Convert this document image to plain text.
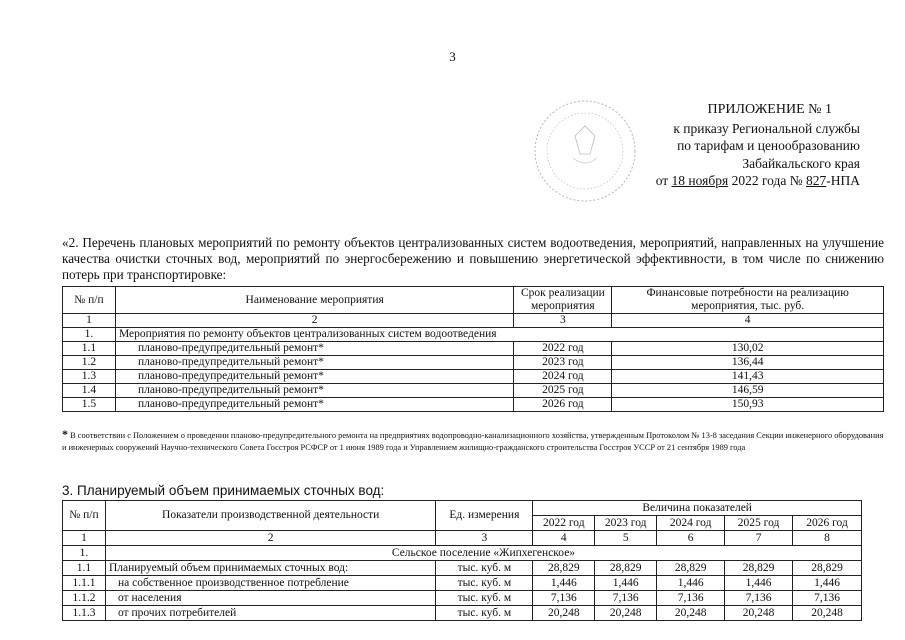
3
ПРИЛОЖЕНИЕ № 1
к приказу Региональной службы
по тарифам и ценообразованию
Забайкальского края
от 18 ноября 2022 года № 827-НПА
«2. Перечень плановых мероприятий по ремонту объектов централизованных систем водоотведения, мероприятий, направленных на улучшение качества очистки сточных вод, мероприятий по энергосбережению и повышению энергетической эффективности, в том числе по снижению потерь при транспортировке:
№ п/п	Наименование мероприятия	Срок реализации мероприятия	Финансовые потребности на реализацию мероприятия, тыс. руб.
1	2	3	4
1.	Мероприятия по ремонту объектов централизованных систем водоотведения		
1.1	планово-предупредительный ремонт*	2022 год	130,02
1.2	планово-предупредительный ремонт*	2023 год	136,44
1.3	планово-предупредительный ремонт*	2024 год	141,43
1.4	планово-предупредительный ремонт*	2025 год	146,59
1.5	планово-предупредительный ремонт*	2026 год	150,93
* В соответствии с Положением о проведении планово-предупредительного ремонта на предприятиях водопроводно-канализационного хозяйства, утвержденным Протоколом № 13-8 заседания Секции инженерного оборудования и инженерных сооружений Научно-технического Совета Госстроя РСФСР от 1 июня 1989 года и Управлением жилищно-гражданского строительства Госстроя УССР от 21 сентября 1989 года
3. Планируемый объем принимаемых сточных вод:
№ п/п	Показатели производственной деятельности	Ед. измерения	Величина показателей				
			2022 год	2023 год	2024 год	2025 год	2026 год
1	2	3	4	5	6	7	8
1.	Сельское поселение «Жипхегенское»						
1.1	Планируемый объем принимаемых сточных вод:	тыс. куб. м	28,829	28,829	28,829	28,829	28,829
1.1.1	на собственное производственное потребление	тыс. куб. м	1,446	1,446	1,446	1,446	1,446
1.1.2	от населения	тыс. куб. м	7,136	7,136	7,136	7,136	7,136
1.1.3	от прочих потребителей	тыс. куб. м	20,248	20,248	20,248	20,248	20,248
